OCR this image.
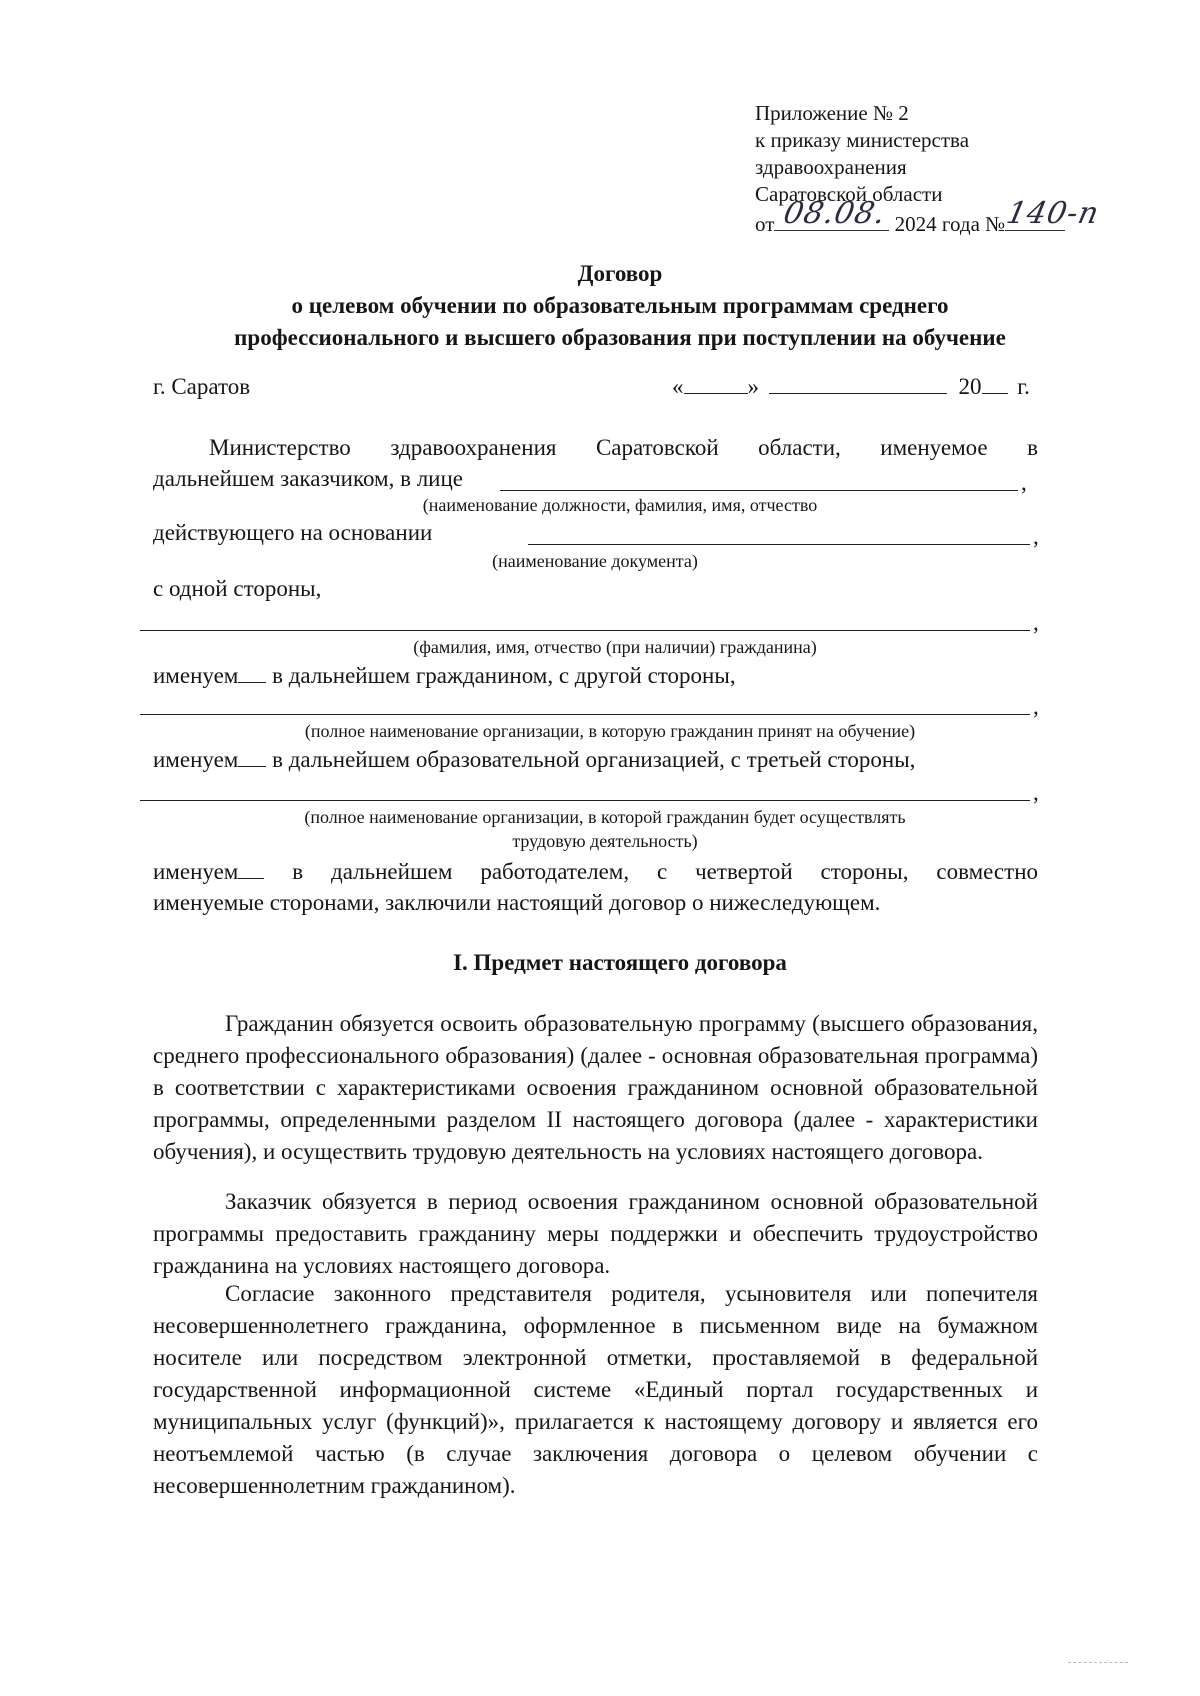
Приложение № 2
к приказу министерства
здравоохранения
Саратовской области
от 08.08. 2024 года №
140-п
Договор
о целевом обучении по образовательным программам среднего
профессионального и высшего образования при поступлении на обучение
г. Саратов	«	»	20 г.
Министерство здравоохранения Саратовской области, именуемое в
дальнейшем заказчиком, в лице	,
(наименование должности, фамилия, имя, отчество
действующего на основании	,
(наименование документа)
с одной стороны,
,
(фамилия, имя, отчество (при наличии) гражданина)
именуем в дальнейшем гражданином, с другой стороны,
,
(полное наименование организации, в которую гражданин принят на обучение)
именуем в дальнейшем образовательной организацией, с третьей стороны,
,
(полное наименование организации, в которой гражданин будет осуществлять
трудовую деятельность)
именуем в дальнейшем работодателем, с четвертой стороны, совместно
именуемые сторонами, заключили настоящий договор о нижеследующем.
I. Предмет настоящего договора
Гражданин обязуется освоить образовательную программу (высшего образования, среднего профессионального образования) (далее - основная образовательная программа) в соответствии с характеристиками освоения гражданином основной образовательной программы, определенными разделом II настоящего договора (далее - характеристики обучения), и осуществить трудовую деятельность на условиях настоящего договора.
Заказчик обязуется в период освоения гражданином основной образовательной программы предоставить гражданину меры поддержки и обеспечить трудоустройство гражданина на условиях настоящего договора.
Согласие законного представителя родителя, усыновителя или попечителя несовершеннолетнего гражданина, оформленное в письменном виде на бумажном носителе или посредством электронной отметки, проставляемой в федеральной государственной информационной системе «Единый портал государственных и муниципальных услуг (функций)», прилагается к настоящему договору и является его неотъемлемой частью (в случае заключения договора о целевом обучении с несовершеннолетним гражданином).
